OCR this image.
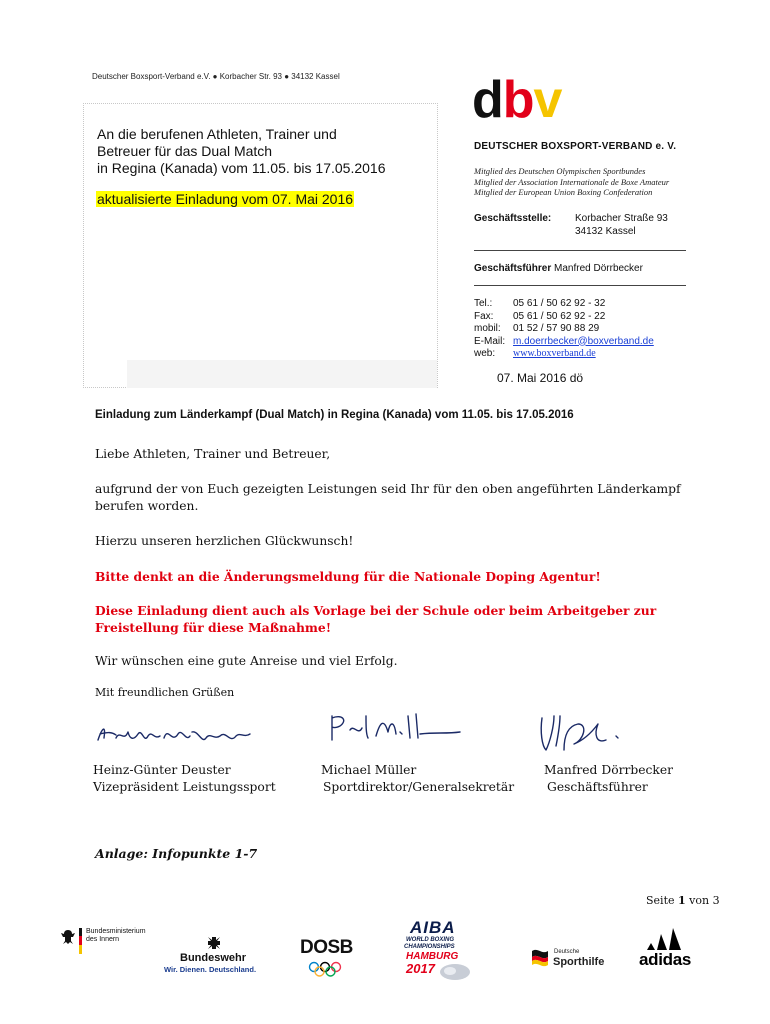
Deutscher Boxsport-Verband e.V. ● Korbacher Str. 93 ● 34132 Kassel
An die berufenen Athleten, Trainer und
Betreuer für das Dual Match
in Regina (Kanada) vom 11.05. bis 17.05.2016
aktualisierte Einladung vom 07. Mai 2016
dbv
DEUTSCHER BOXSPORT-VERBAND e. V.
Mitglied des Deutschen Olympischen Sportbundes
Mitglied der Association Internationale de Boxe Amateur
Mitglied der European Union Boxing Confederation
Geschäftsstelle: Korbacher Straße 93
34132 Kassel
Geschäftsführer Manfred Dörrbecker
Tel.: 05 61 / 50 62 92 - 32
Fax: 05 61 / 50 62 92 - 22
mobil: 01 52 / 57 90 88 29
E-Mail: m.doerrbecker@boxverband.de
web: www.boxverband.de
07. Mai 2016 dö
Einladung zum Länderkampf (Dual Match) in Regina (Kanada) vom 11.05. bis 17.05.2016
Liebe Athleten, Trainer und Betreuer,
aufgrund der von Euch gezeigten Leistungen seid Ihr für den oben angeführten Länderkampf
berufen worden.
Hierzu unseren herzlichen Glückwunsch!
Bitte denkt an die Änderungsmeldung für die Nationale Doping Agentur!
Diese Einladung dient auch als Vorlage bei der Schule oder beim Arbeitgeber zur
Freistellung für diese Maßnahme!
Wir wünschen eine gute Anreise und viel Erfolg.
Mit freundlichen Grüßen
Heinz-Günter Deuster
Vizepräsident Leistungssport
Michael Müller
Sportdirektor/Generalsekretär
Manfred Dörrbecker
Geschäftsführer
Anlage: Infopunkte 1-7
Seite 1 von 3
Bundesministerium
des Innern
Bundeswehr
Wir. Dienen. Deutschland.
DOSB
AIBA
WORLD BOXING
CHAMPIONSHIPS
HAMBURG
2017
Deutsche
Sporthilfe adidas
